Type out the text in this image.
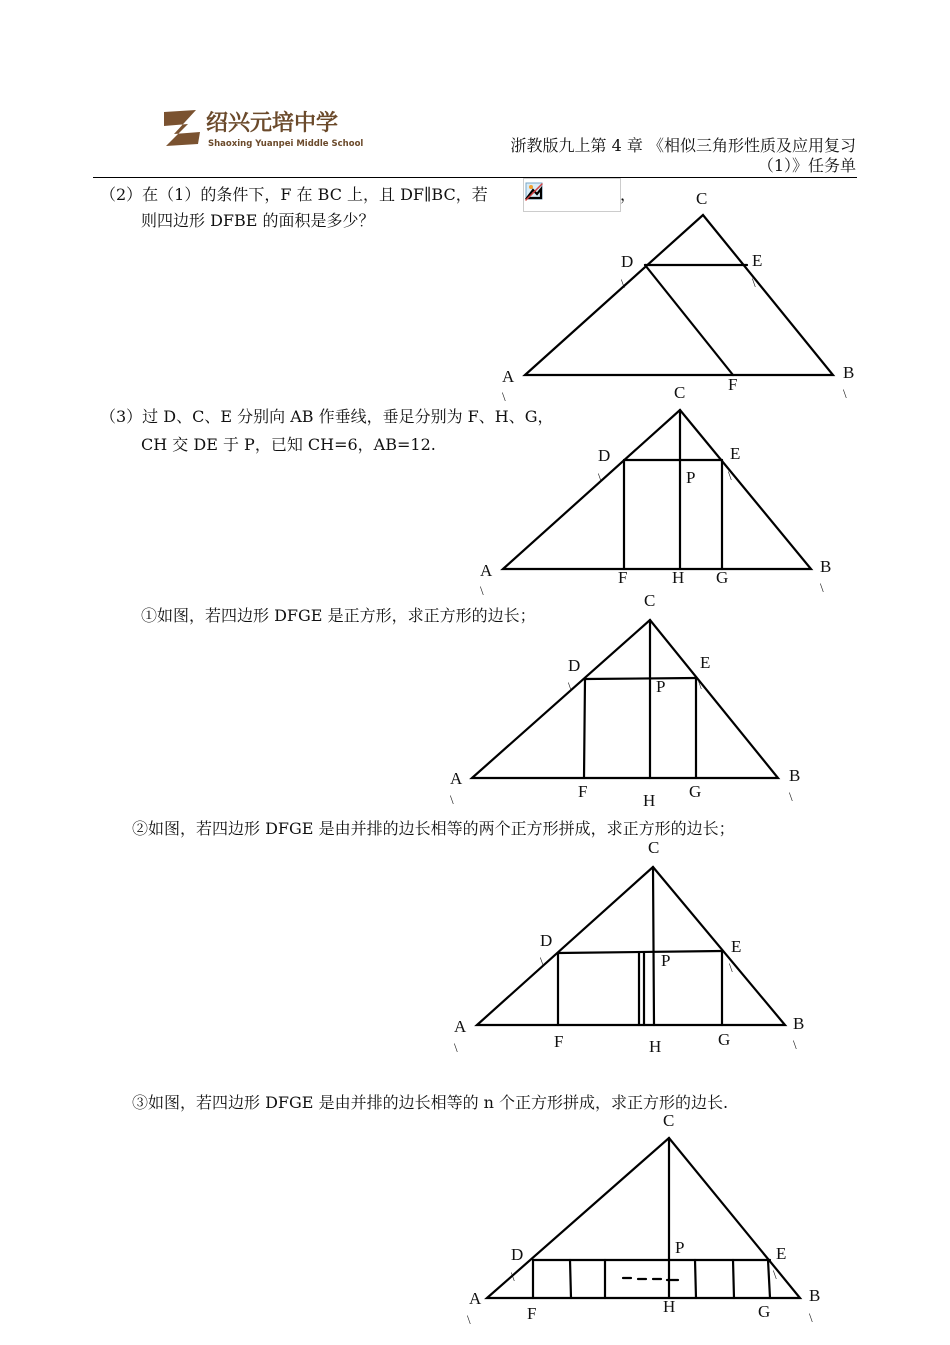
绍兴元培中学
Shaoxing Yuanpei Middle School	浙教版九上第 4 章 《相似三角形性质及应用复习
（1）》任务单
（2）在（1）的条件下，F 在 BC 上，且 DF∥BC，若	，
则四边形 DFBE 的面积是多少？
C
D
\
E
\
A
\
F
B
\
（3）过 D、C、E 分别向 AB 作垂线，垂足分别为 F、H、G，
CH 交 DE 于 P，已知 CH=6，AB=12.
C
D
\
E
\
P
A
\
F	H G
B
\
①如图，若四边形 DFGE 是正方形，求正方形的边长；
C
D
\
E
\
P
A
\	F	H G
B
\
②如图，若四边形 DFGE 是由并排的边长相等的两个正方形拼成，求正方形的边长；
C
D
\
E
\
P
A
\	F	H	G
B
\
③如图，若四边形 DFGE 是由并排的边长相等的 n 个正方形拼成，求正方形的边长.
C
D
\
E
\
P
A
\	F	H	G
B
\
